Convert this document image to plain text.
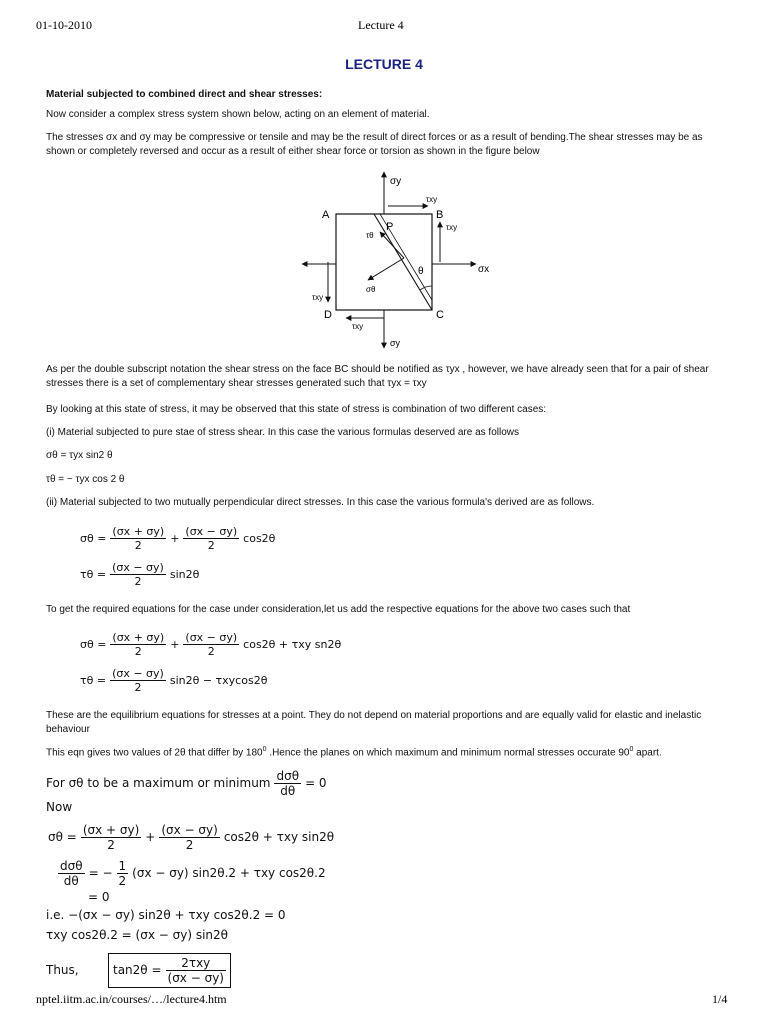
01-10-2010	Lecture 4
LECTURE 4
Material subjected to combined direct and shear stresses:
Now consider a complex stress system shown below, acting on an element of material.
The stresses σx and σy may be compressive or tensile and may be the result of direct forces or as a result of bending.The shear stresses may be as shown or completely reversed and occur as a result of either shear force or torsion as shown in the figure below
σy
σy
σx
τxy
τxy
τxy
τxy
A	B
C
D
P
σθ
τθ
θ
As per the double subscript notation the shear stress on the face BC should be notified as τyx , however, we have already seen that for a pair of shear stresses there is a set of complementary shear stresses generated such that τyx = τxy
By looking at this state of stress, it may be observed that this state of stress is combination of two different cases:
(i) Material subjected to pure stae of stress shear. In this case the various formulas deserved are as follows
σθ = τyx sin2 θ
τθ = − τyx cos 2 θ
(ii) Material subjected to two mutually perpendicular direct stresses. In this case the various formula's derived are as follows.
$\sigma\theta = \frac{(\sigma x + \sigma y)}{2} + \frac{(\sigma x - \sigma y)}{2} \cos 2\theta$
$\tau\theta = \frac{(\sigma x - \sigma y)}{2} \sin 2\theta$
To get the required equations for the case under consideration,let us add the respective equations for the above two cases such that
$\sigma\theta = \frac{(\sigma x + \sigma y)}{2} + \frac{(\sigma x - \sigma y)}{2} \cos 2\theta + \tau xy$ sn2θ
$\tau\theta = \frac{(\sigma x - \sigma y)}{2} \sin 2\theta - \tau xycos2\theta$
These are the equilibrium equations for stresses at a point. They do not depend on material proportions and are equally valid for elastic and inelastic behaviour
This eqn gives two values of 2θ that differ by $180^0$ .Hence the planes on which maximum and minimum normal stresses occurate $90^0$ apart.
For σθ to be a maximum or minimum $\frac{\text{dσθ}}{d\theta} = 0$
Now
$\sigma\theta = \frac{(\sigma x + \sigma y)}{2} + \frac{(\sigma x - \sigma y)}{2} \cos 2\theta + \tau xy$ sin2θ
$\frac{\text{dσθ}}{d\theta}$ = − $\frac{1}{2} (\sigma x - \sigma y) \sin 2\theta.2 + \tau xy$ cos2θ.2
= 0
i.e. −(σx − σy) sin2θ + τxy cos2θ.2 = 0
τxy cos2θ.2 = (σx − σy) sin2θ
Thus,	$\tan 2\theta = \frac{\text{2τxy}}{(\sigma x - \sigma y)}$
nptel.iitm.ac.in/courses/…/lecture4.htm	1/4
